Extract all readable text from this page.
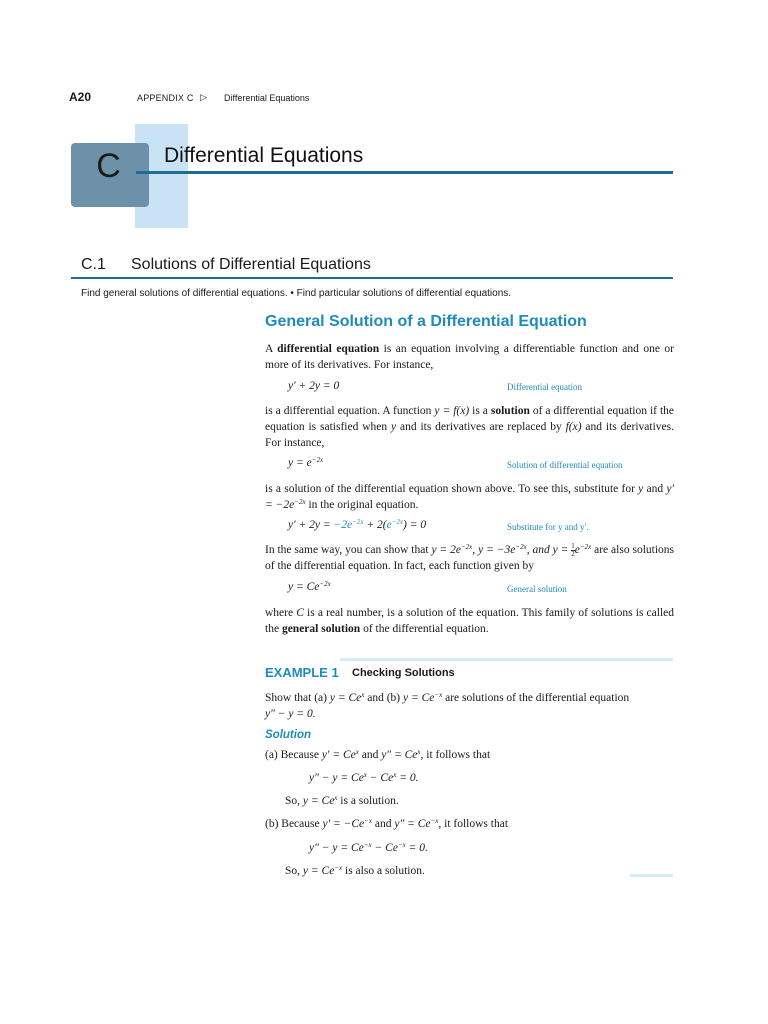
A20	APPENDIX C ▷ Differential Equations
C	Differential Equations
C.1 Solutions of Differential Equations
Find general solutions of differential equations. • Find particular solutions of differential equations.
General Solution of a Differential Equation
A differential equation is an equation involving a differentiable function and one or more of its derivatives. For instance,
y′ + 2y = 0	Differential equation
is a differential equation. A function y = f(x) is a solution of a differential equation if the equation is satisfied when y and its derivatives are replaced by f(x) and its derivatives. For instance,
$y = e^{-2x}$	Solution of differential equation
is a solution of the differential equation shown above. To see this, substitute for y and $y' = -2e^{-2x}$ in the original equation.
$y' + 2y = -2e^{-2x} + 2(e^{-2x}) = 0$	Substitute for y and y′.
In the same way, you can show that $y = 2e^{-2x}$, $y = -3e^{-2x}$, and $y = \frac{1}{2} e^{-2x}$ are also solutions of the differential equation. In fact, each function given by
$y = Ce^{-2x}$	General solution
where C is a real number, is a solution of the equation. This family of solutions is called the general solution of the differential equation.
EXAMPLE 1 Checking Solutions
Show that (a) $y = Ce^x$ and (b) $y = Ce^{-x}$ are solutions of the differential equation
y″ − y = 0.
Solution
(a) Because $y' = Ce^x$ and $y'' = Ce^x$, it follows that
$y'' - y = Ce^x - Ce^x = 0$.
So, $y = Ce^x$ is a solution.
(b) Because $y' = -Ce^{-x}$ and $y'' = Ce^{-x}$, it follows that
$y'' - y = Ce^{-x} - Ce^{-x} = 0$.
So, $y = Ce^{-x}$ is also a solution.
